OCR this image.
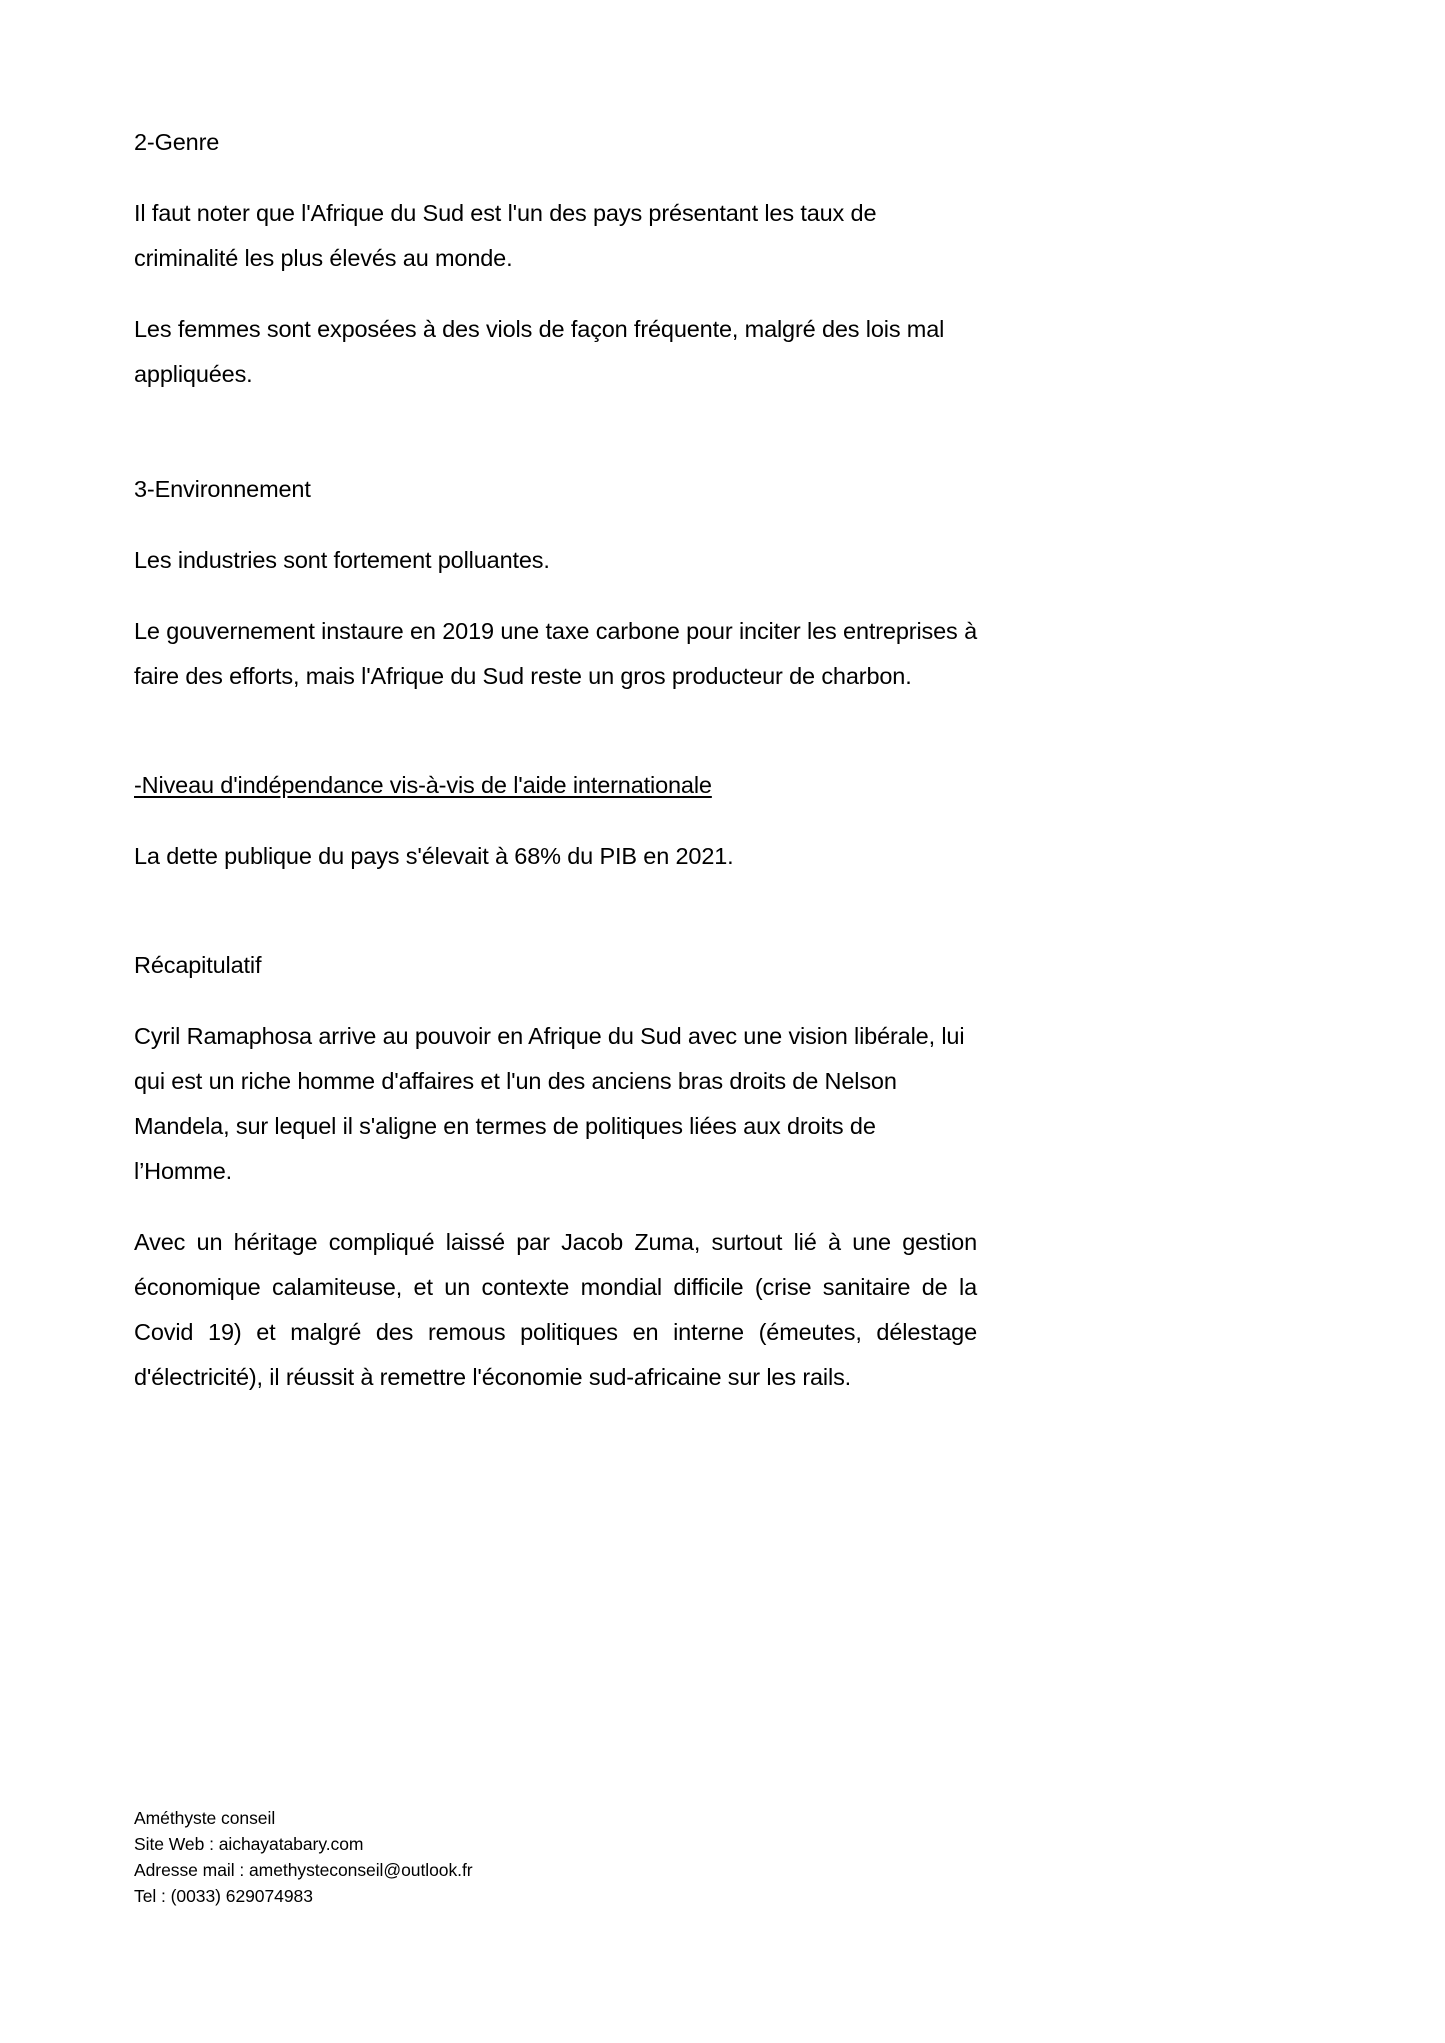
2-Genre

Il faut noter que l'Afrique du Sud est l'un des pays présentant les taux de criminalité les plus élevés au monde.

Les femmes sont exposées à des viols de façon fréquente, malgré des lois mal appliquées.

3-Environnement

Les industries sont fortement polluantes.

Le gouvernement instaure en 2019 une taxe carbone pour inciter les entreprises à faire des efforts, mais l'Afrique du Sud reste un gros producteur de charbon.

-Niveau d'indépendance vis-à-vis de l'aide internationale

La dette publique du pays s'élevait à 68% du PIB en 2021.

Récapitulatif

Cyril Ramaphosa arrive au pouvoir en Afrique du Sud avec une vision libérale, lui qui est un riche homme d'affaires et l'un des anciens bras droits de Nelson Mandela, sur lequel il s'aligne en termes de politiques liées aux droits de l’Homme.

Avec un héritage compliqué laissé par Jacob Zuma, surtout lié à une gestion économique calamiteuse, et un contexte mondial difficile (crise sanitaire de la Covid 19) et malgré des remous politiques en interne (émeutes, délestage d'électricité), il réussit à remettre l'économie sud-africaine sur les rails.

Améthyste conseil

Site Web : aichayatabary.com

Adresse mail : amethysteconseil@outlook.fr

Tel : (0033) 629074983
